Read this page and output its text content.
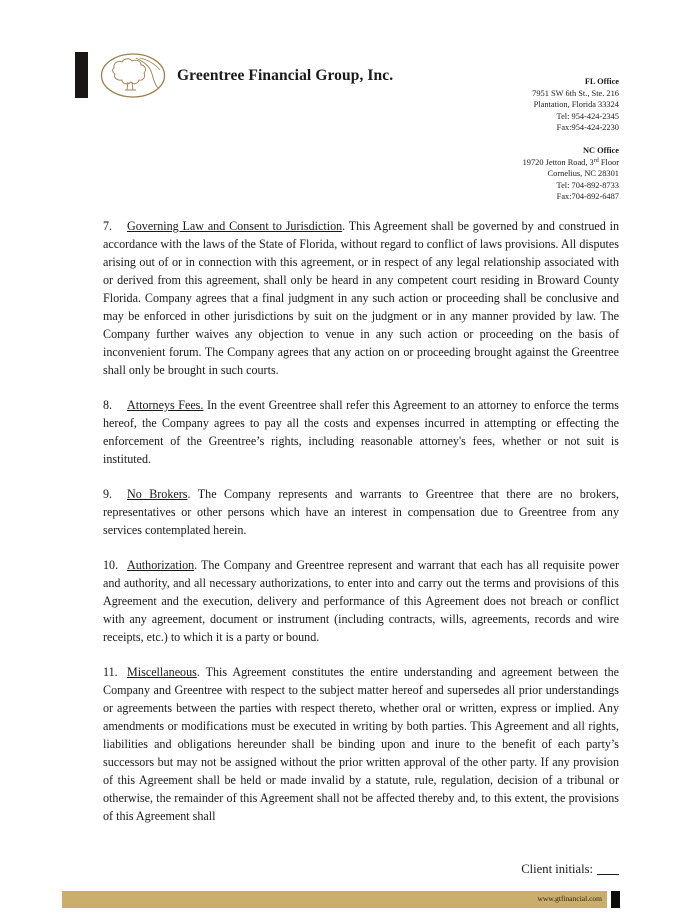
Greentree Financial Group, Inc.	FL Office
7951 SW 6th St., Ste. 216
Plantation, Florida 33324
Tel: 954-424-2345
Fax:954-424-2230
NC Office
19720 Jetton Road, 3rd Floor
Cornelius, NC 28301
Tel: 704-892-8733
Fax:704-892-6487

7. Governing Law and Consent to Jurisdiction. This Agreement shall be governed by and construed in accordance with the laws of the State of Florida, without regard to conflict of laws provisions. All disputes arising out of or in connection with this agreement, or in respect of any legal relationship associated with or derived from this agreement, shall only be heard in any competent court residing in Broward County Florida. Company agrees that a final judgment in any such action or proceeding shall be conclusive and may be enforced in other jurisdictions by suit on the judgment or in any manner provided by law. The Company further waives any objection to venue in any such action or proceeding on the basis of inconvenient forum. The Company agrees that any action on or proceeding brought against the Greentree shall only be brought in such courts.

8. Attorneys Fees. In the event Greentree shall refer this Agreement to an attorney to enforce the terms hereof, the Company agrees to pay all the costs and expenses incurred in attempting or effecting the enforcement of the Greentree’s rights, including reasonable attorney's fees, whether or not suit is instituted.

9. No Brokers. The Company represents and warrants to Greentree that there are no brokers, representatives or other persons which have an interest in compensation due to Greentree from any services contemplated herein.

10. Authorization. The Company and Greentree represent and warrant that each has all requisite power and authority, and all necessary authorizations, to enter into and carry out the terms and provisions of this Agreement and the execution, delivery and performance of this Agreement does not breach or conflict with any agreement, document or instrument (including contracts, wills, agreements, records and wire receipts, etc.) to which it is a party or bound.

11. Miscellaneous. This Agreement constitutes the entire understanding and agreement between the Company and Greentree with respect to the subject matter hereof and supersedes all prior understandings or agreements between the parties with respect thereto, whether oral or written, express or implied. Any amendments or modifications must be executed in writing by both parties. This Agreement and all rights, liabilities and obligations hereunder shall be binding upon and inure to the benefit of each party’s successors but may not be assigned without the prior written approval of the other party. If any provision of this Agreement shall be held or made invalid by a statute, rule, regulation, decision of a tribunal or otherwise, the remainder of this Agreement shall not be affected thereby and, to this extent, the provisions of this Agreement shall

Client initials:
www.gtfinancial.com
